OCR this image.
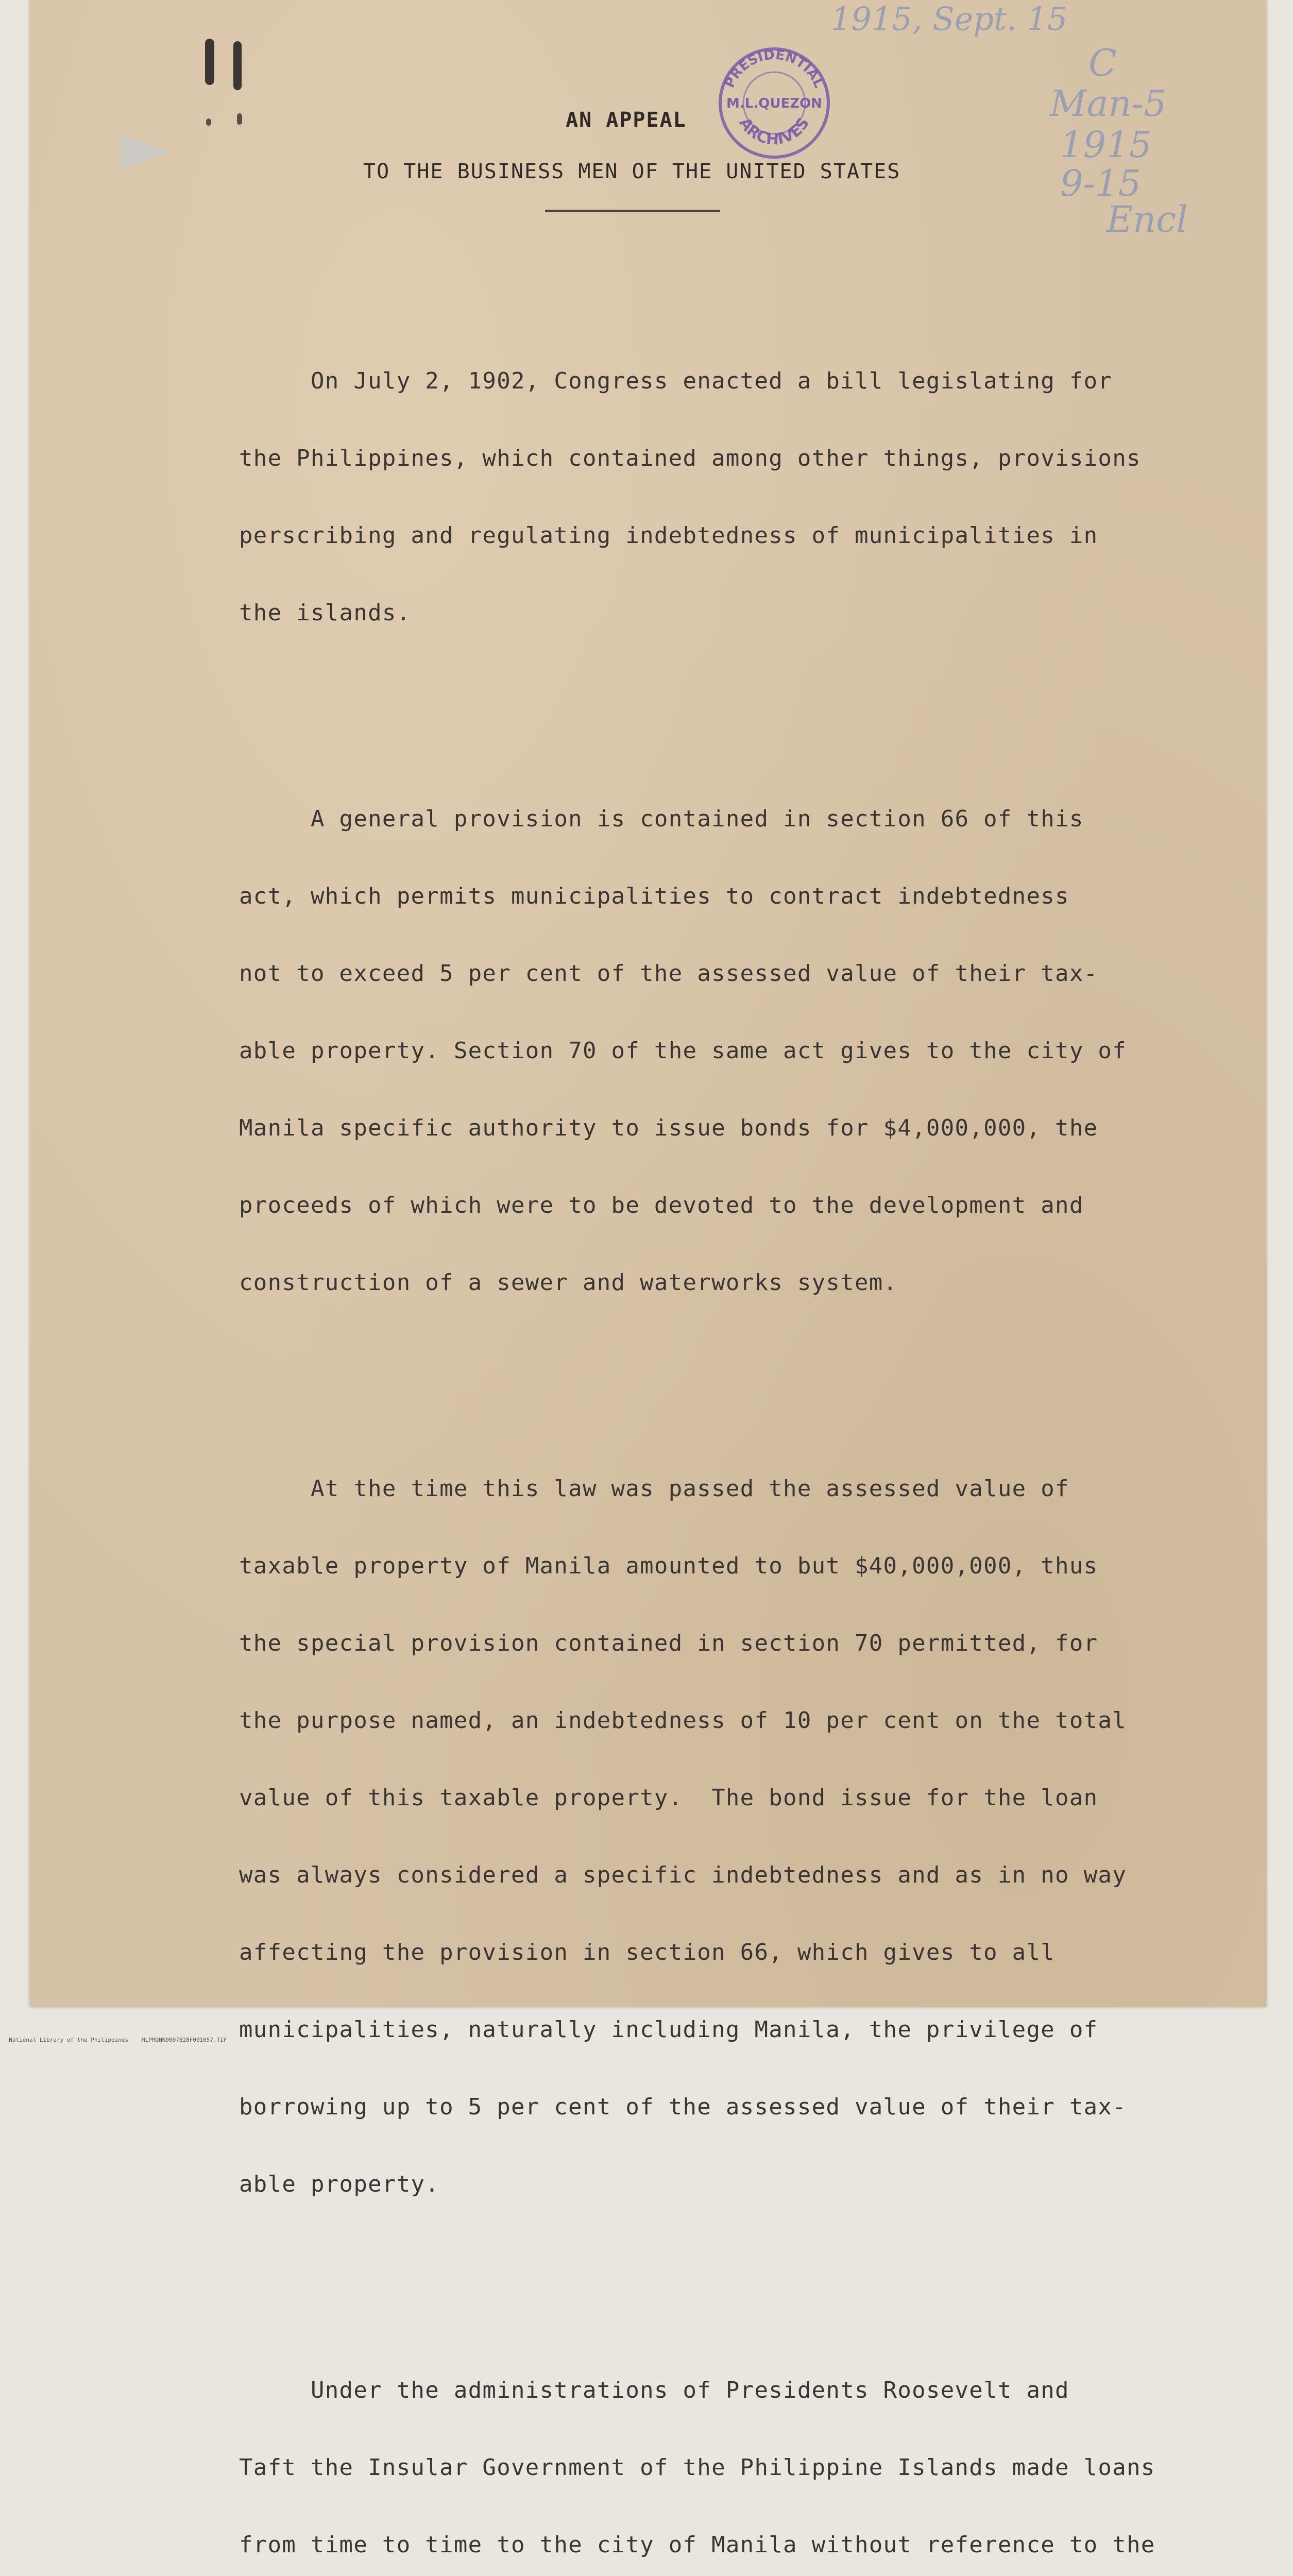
1915, Sept. 15
C
Man-5
1915
9-15
Encl
PRESIDENTIAL
M.L.QUEZON
ARCHIVES
AN APPEAL
TO THE BUSINESS MEN OF THE UNITED STATES

On July 2, 1902, Congress enacted a bill legislating for

the Philippines, which contained among other things, provisions

perscribing and regulating indebtedness of municipalities in

the islands.

A general provision is contained in section 66 of this

act, which permits municipalities to contract indebtedness

not to exceed 5 per cent of the assessed value of their tax-

able property. Section 70 of the same act gives to the city of

Manila specific authority to issue bonds for $4,000,000, the

proceeds of which were to be devoted to the development and

construction of a sewer and waterworks system.

At the time this law was passed the assessed value of

taxable property of Manila amounted to but $40,000,000, thus

the special provision contained in section 70 permitted, for

the purpose named, an indebtedness of 10 per cent on the total

value of this taxable property.  The bond issue for the loan

was always considered a specific indebtedness and as in no way

affecting the provision in section 66, which gives to all

municipalities, naturally including Manila, the privilege of

borrowing up to 5 per cent of the assessed value of their tax-

able property.

Under the administrations of Presidents Roosevelt and

Taft the Insular Government of the Philippine Islands made loans

from time to time to the city of Manila without reference to the

National Library of the Philippines MLPMQNN0007B28F001057.TIF
